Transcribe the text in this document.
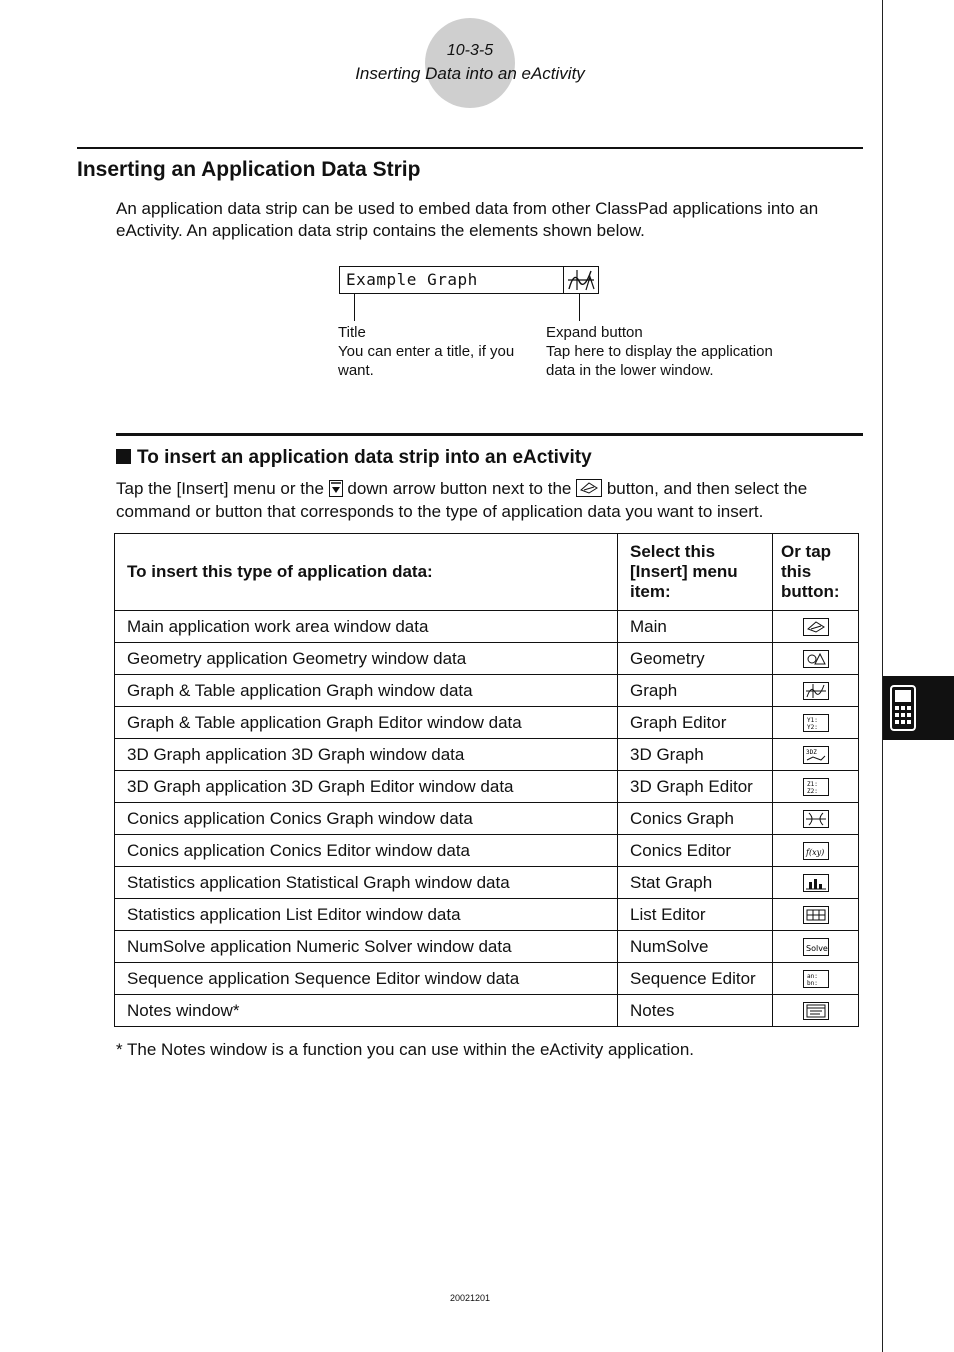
10-3-5
Inserting Data into an eActivity
Inserting an Application Data Strip
An application data strip can be used to embed data from other ClassPad applications into an eActivity. An application data strip contains the elements shown below.
Example Graph
Title
You can enter a title, if you want.
Expand button
Tap here to display the application data in the lower window.
To insert an application data strip into an eActivity
Tap the [Insert] menu or the down arrow button next to the button, and then select the command or button that corresponds to the type of application data you want to insert.
To insert this type of application data:	Select this [Insert] menu item:	Or tap this button:
Main application work area window data	Main	
Geometry application Geometry window data	Geometry	
Graph & Table application Graph window data	Graph	
Graph & Table application Graph Editor window data	Graph Editor	Y1:
Y2:

3D Graph application 3D Graph window data	3D Graph	3DZ

3D Graph application 3D Graph Editor window data	3D Graph Editor	Z1:
Z2:

Conics application Conics Graph window data	Conics Graph	
Conics application Conics Editor window data	Conics Editor	f(xy)

Statistics application Statistical Graph window data	Stat Graph	
Statistics application List Editor window data	List Editor	
NumSolve application Numeric Solver window data	NumSolve	Solve

Sequence application Sequence Editor window data	Sequence Editor	an:
bn:

Notes window*	Notes	
* The Notes window is a function you can use within the eActivity application.
20021201
